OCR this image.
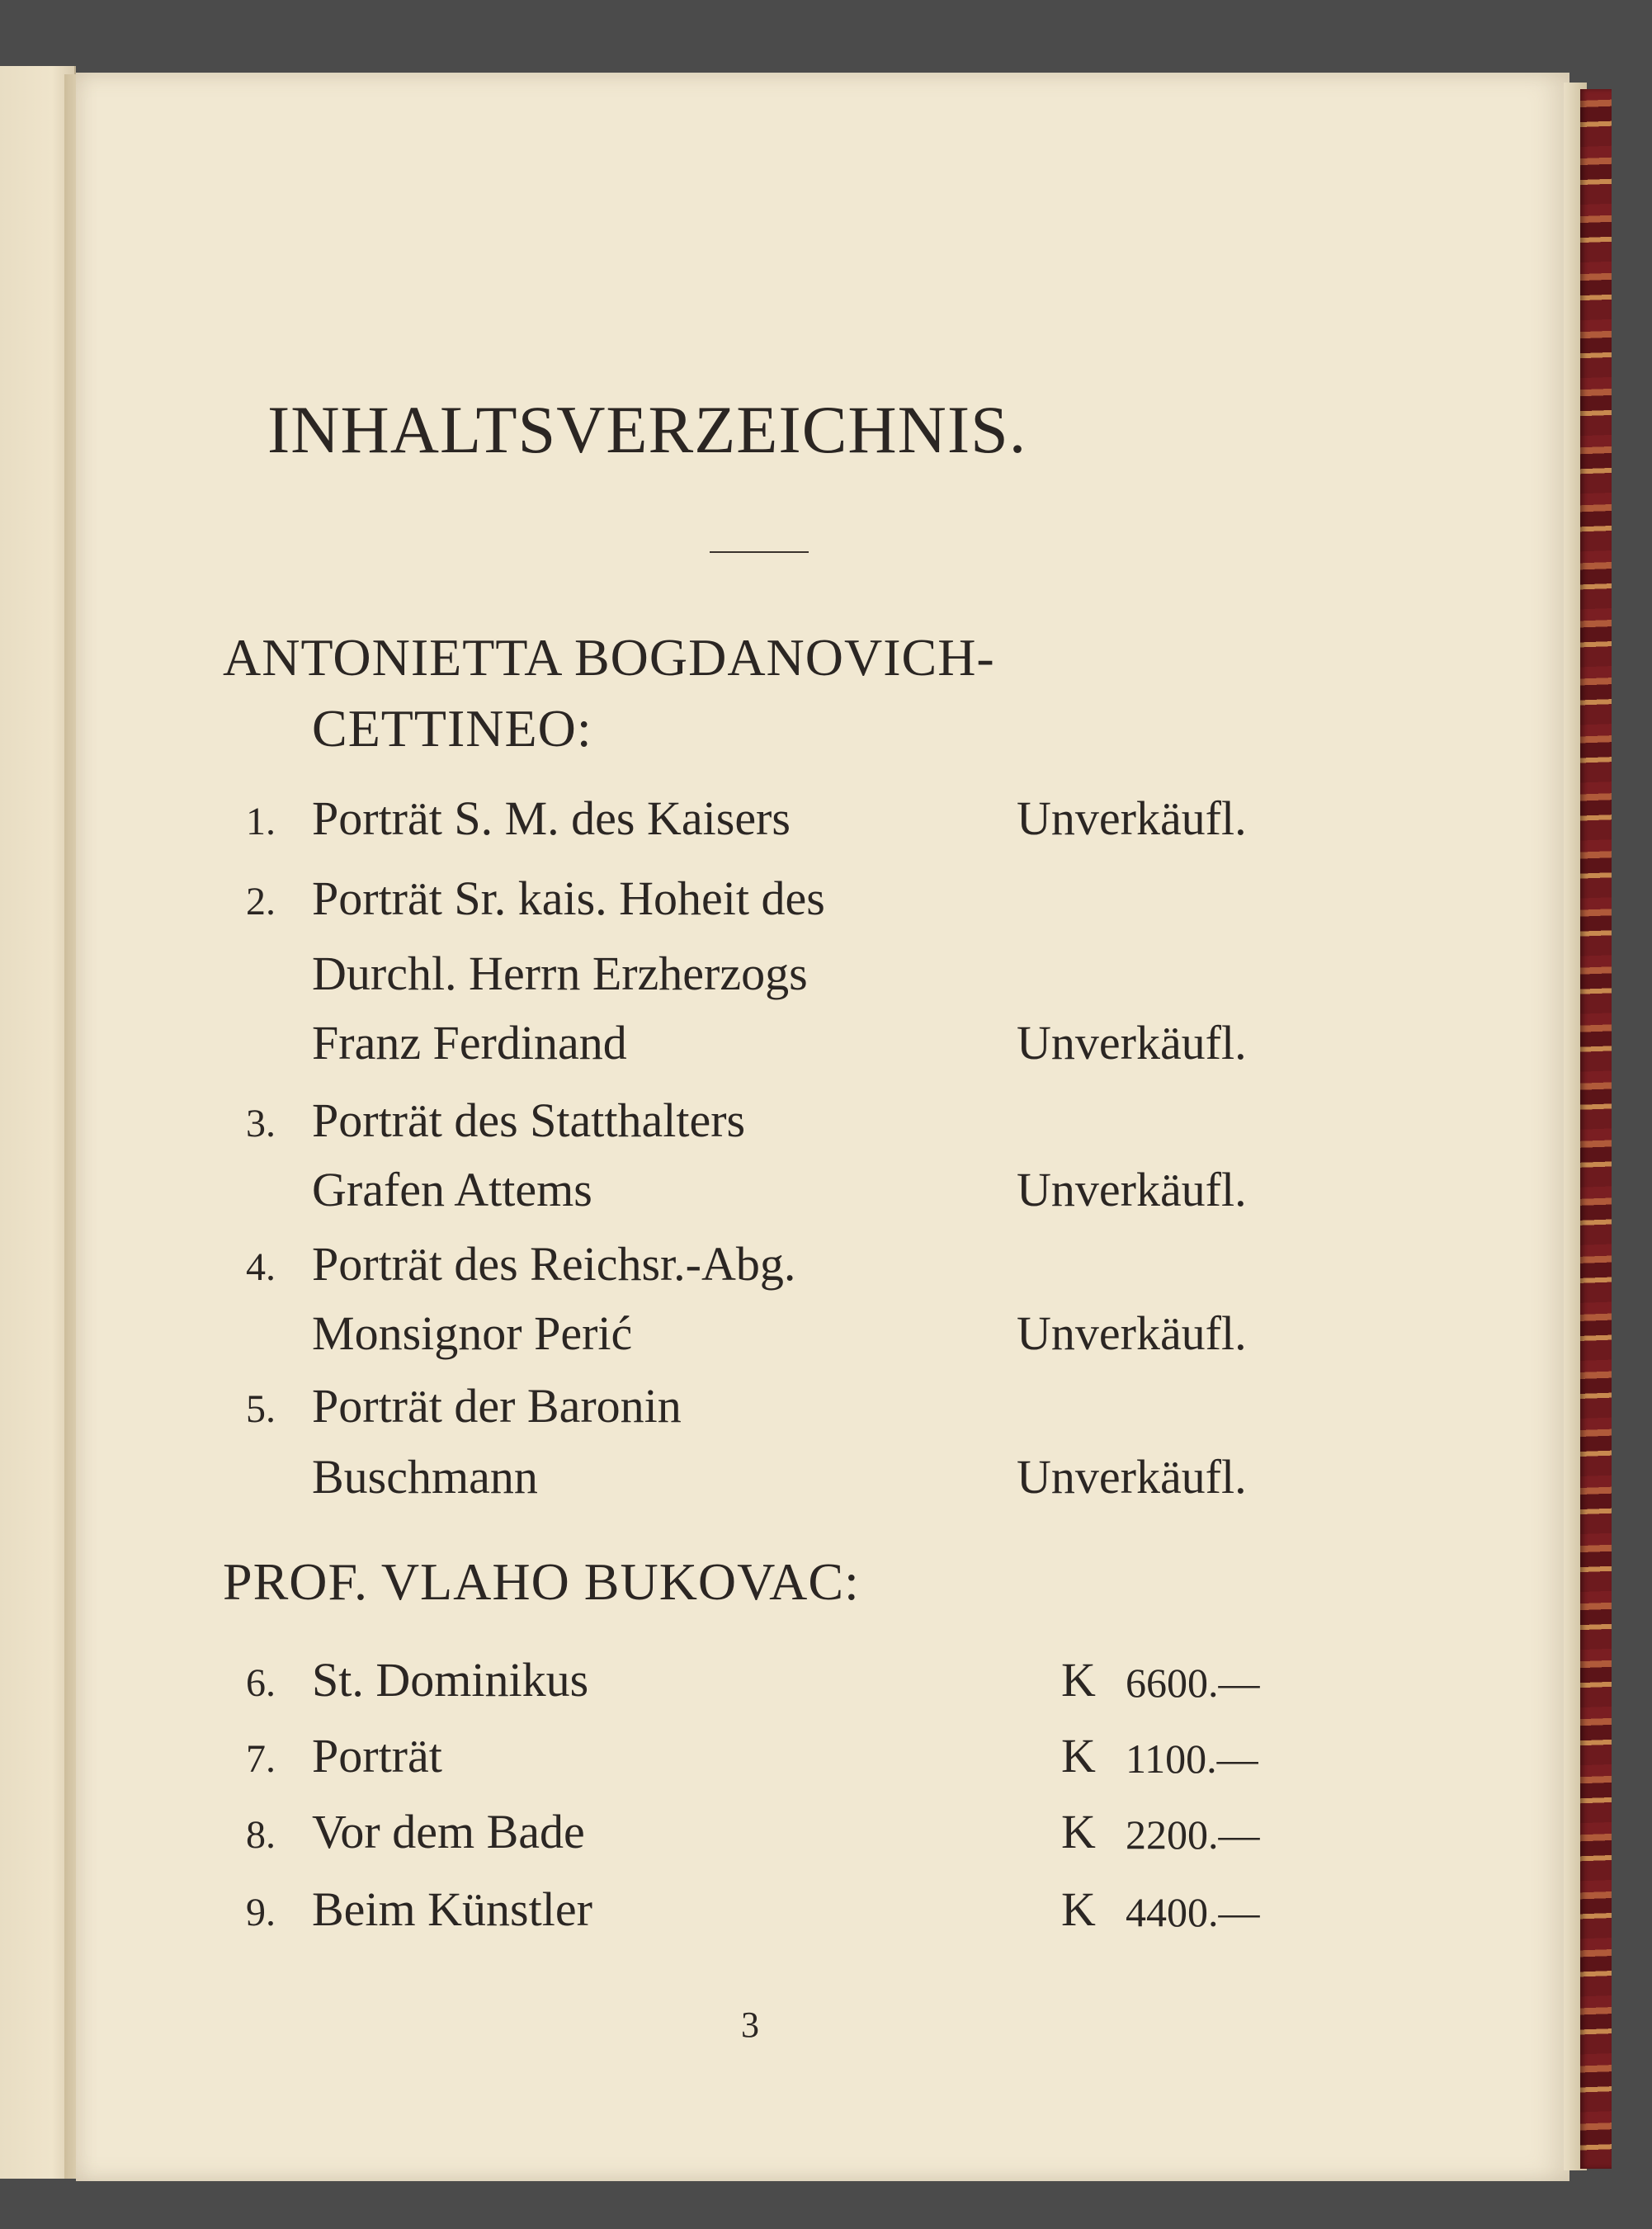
INHALTSVERZEICHNIS.
ANTONIETTA BOGDANOVICH-
CETTINEO:
1. Porträt S. M. des Kaisers	Unverkäufl.
2. Porträt Sr. kais. Hoheit des
Durchl. Herrn Erzherzogs
Franz Ferdinand	Unverkäufl.
3. Porträt des Statthalters
Grafen Attems	Unverkäufl.
4. Porträt des Reichsr.-Abg.
Monsignor Perić	Unverkäufl.
5. Porträt der Baronin
Buschmann	Unverkäufl.
PROF. VLAHO BUKOVAC:
6. St. Dominikus	K 6600.—
7. Porträt	K 1100.—
8. Vor dem Bade	K 2200.—
9. Beim Künstler	K 4400.—
3
